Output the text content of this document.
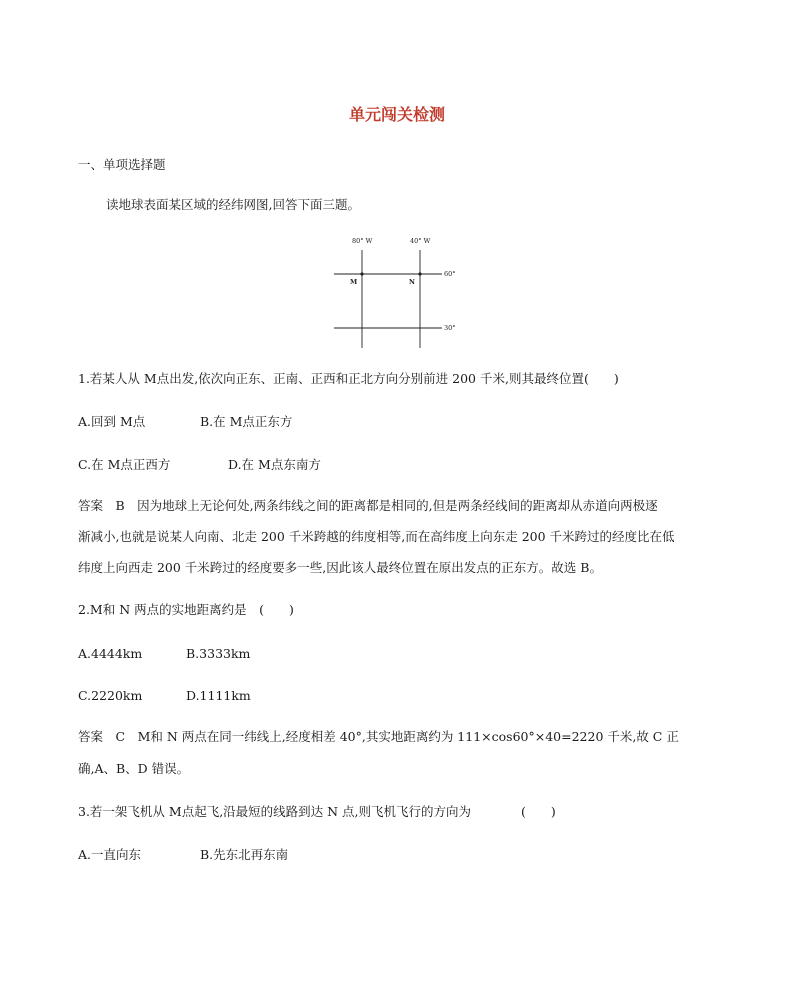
单元闯关检测
一、单项选择题
读地球表面某区域的经纬网图,回答下面三题。
80° W	40° W
60°
30°
M	N
1.若某人从 M点出发,依次向正东、正南、正西和正北方向分别前进 200 千米,则其最终位置(　　)
A.回到 M点	B.在 M点正东方
C.在 M点正西方	D.在 M点东南方
答案　B　因为地球上无论何处,两条纬线之间的距离都是相同的,但是两条经线间的距离却从赤道向两极逐
渐减小,也就是说某人向南、北走 200 千米跨越的纬度相等,而在高纬度上向东走 200 千米跨过的经度比在低
纬度上向西走 200 千米跨过的经度要多一些,因此该人最终位置在原出发点的正东方。故选 B。
2.M和 N 两点的实地距离约是　(　　)
A.4444km	B.3333km
C.2220km	D.1111km
答案　C　M和 N 两点在同一纬线上,经度相差 40°,其实地距离约为 111×cos60°×40=2220 千米,故 C 正
确,A、B、D 错误。
3.若一架飞机从 M点起飞,沿最短的线路到达 N 点,则飞机飞行的方向为　　　　(　　)
A.一直向东	B.先东北再东南
